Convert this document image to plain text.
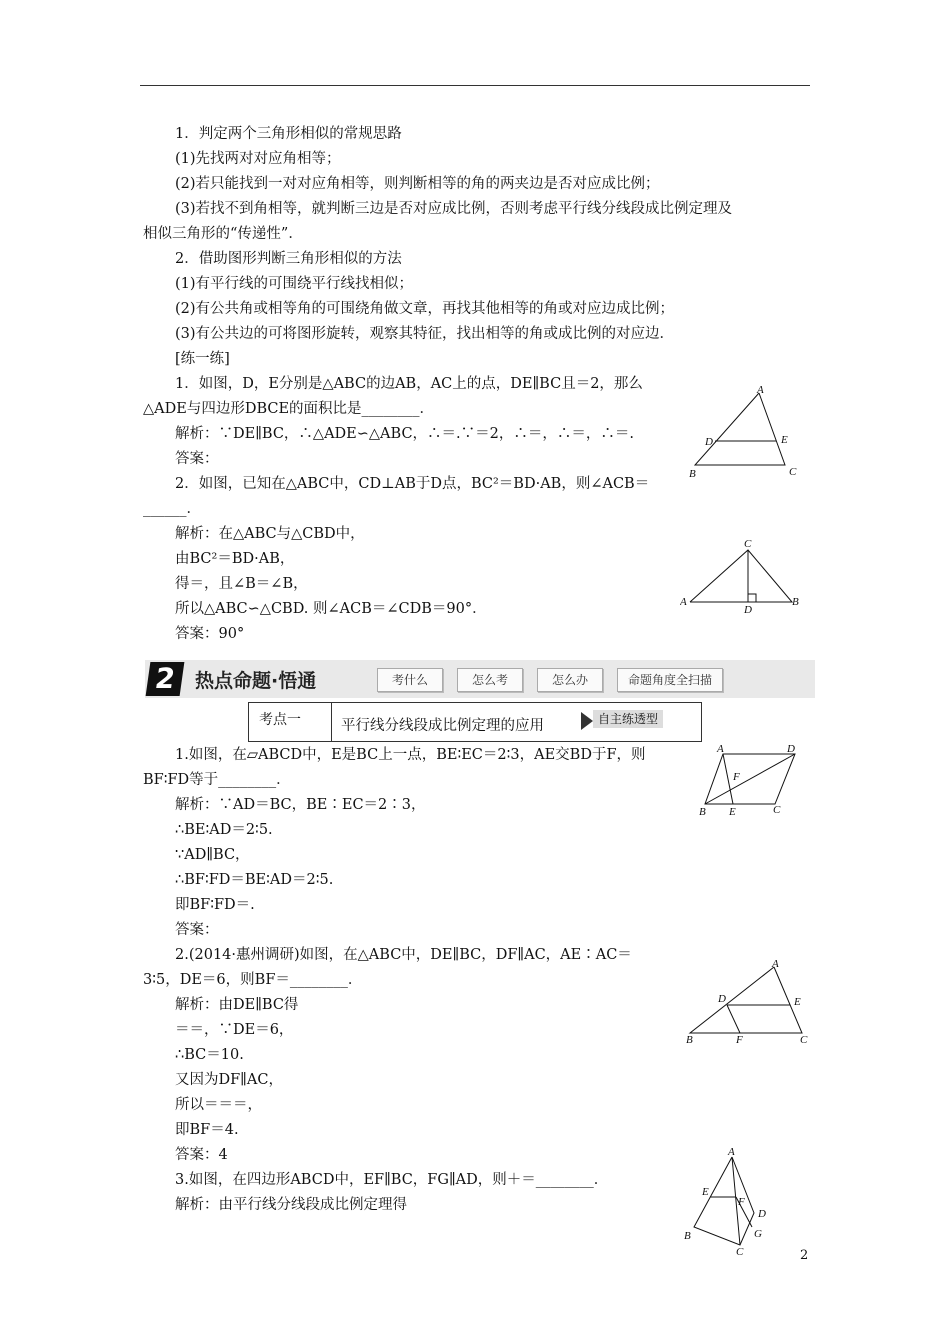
1．判定两个三角形相似的常规思路
(1)先找两对对应角相等；
(2)若只能找到一对对应角相等，则判断相等的角的两夹边是否对应成比例；
(3)若找不到角相等，就判断三边是否对应成比例，否则考虑平行线分线段成比例定理及
相似三角形的“传递性”．
2．借助图形判断三角形相似的方法
(1)有平行线的可围绕平行线找相似；
(2)有公共角或相等角的可围绕角做文章，再找其他相等的角或对应边成比例；
(3)有公共边的可将图形旋转，观察其特征，找出相等的角或成比例的对应边．
[练一练]
1．如图，D，E分别是△ABC的边AB，AC上的点，DE∥BC且＝2，那么
△ADE与四边形DBCE的面积比是________．
解析：∵DE∥BC，∴△ADE∽△ABC，∴＝.∵＝2，∴＝，∴＝，∴＝.
答案：
2．如图，已知在△ABC中，CD⊥AB于D点，BC²＝BD·AB，则∠ACB＝
______．
解析：在△ABC与△CBD中，
由BC²＝BD·AB，
得＝，且∠B＝∠B，
所以△ABC∽△CBD. 则∠ACB＝∠CDB＝90°．
答案：90°
2 热点命题·悟通	考什么	怎么考	怎么办	命题角度全扫描
考点一	平行线分线段成比例定理的应用	自主练透型
1.如图，在▱ABCD中，E是BC上一点，BE∶EC＝2∶3，AE交BD于F，则
BF∶FD等于________．
解析：∵AD＝BC，BE∶EC＝2∶3，
∴BE∶AD＝2∶5.
∵AD∥BC，
∴BF∶FD＝BE∶AD＝2∶5.
即BF∶FD＝.
答案：
2.(2014·惠州调研)如图，在△ABC中，DE∥BC，DF∥AC，AE∶AC＝
3∶5，DE＝6，则BF＝________．
解析：由DE∥BC得
＝＝，∵DE＝6，
∴BC＝10.
又因为DF∥AC，
所以＝＝＝，
即BF＝4.
答案：4
3.如图，在四边形ABCD中，EF∥BC，FG∥AD，则＋＝________．
解析：由平行线分线段成比例定理得
A
D	E
B	C
C
A	B
D
A	D
F
B E	C
A
D	E
B	F	C
A
E
F
D
G
B
C	2
